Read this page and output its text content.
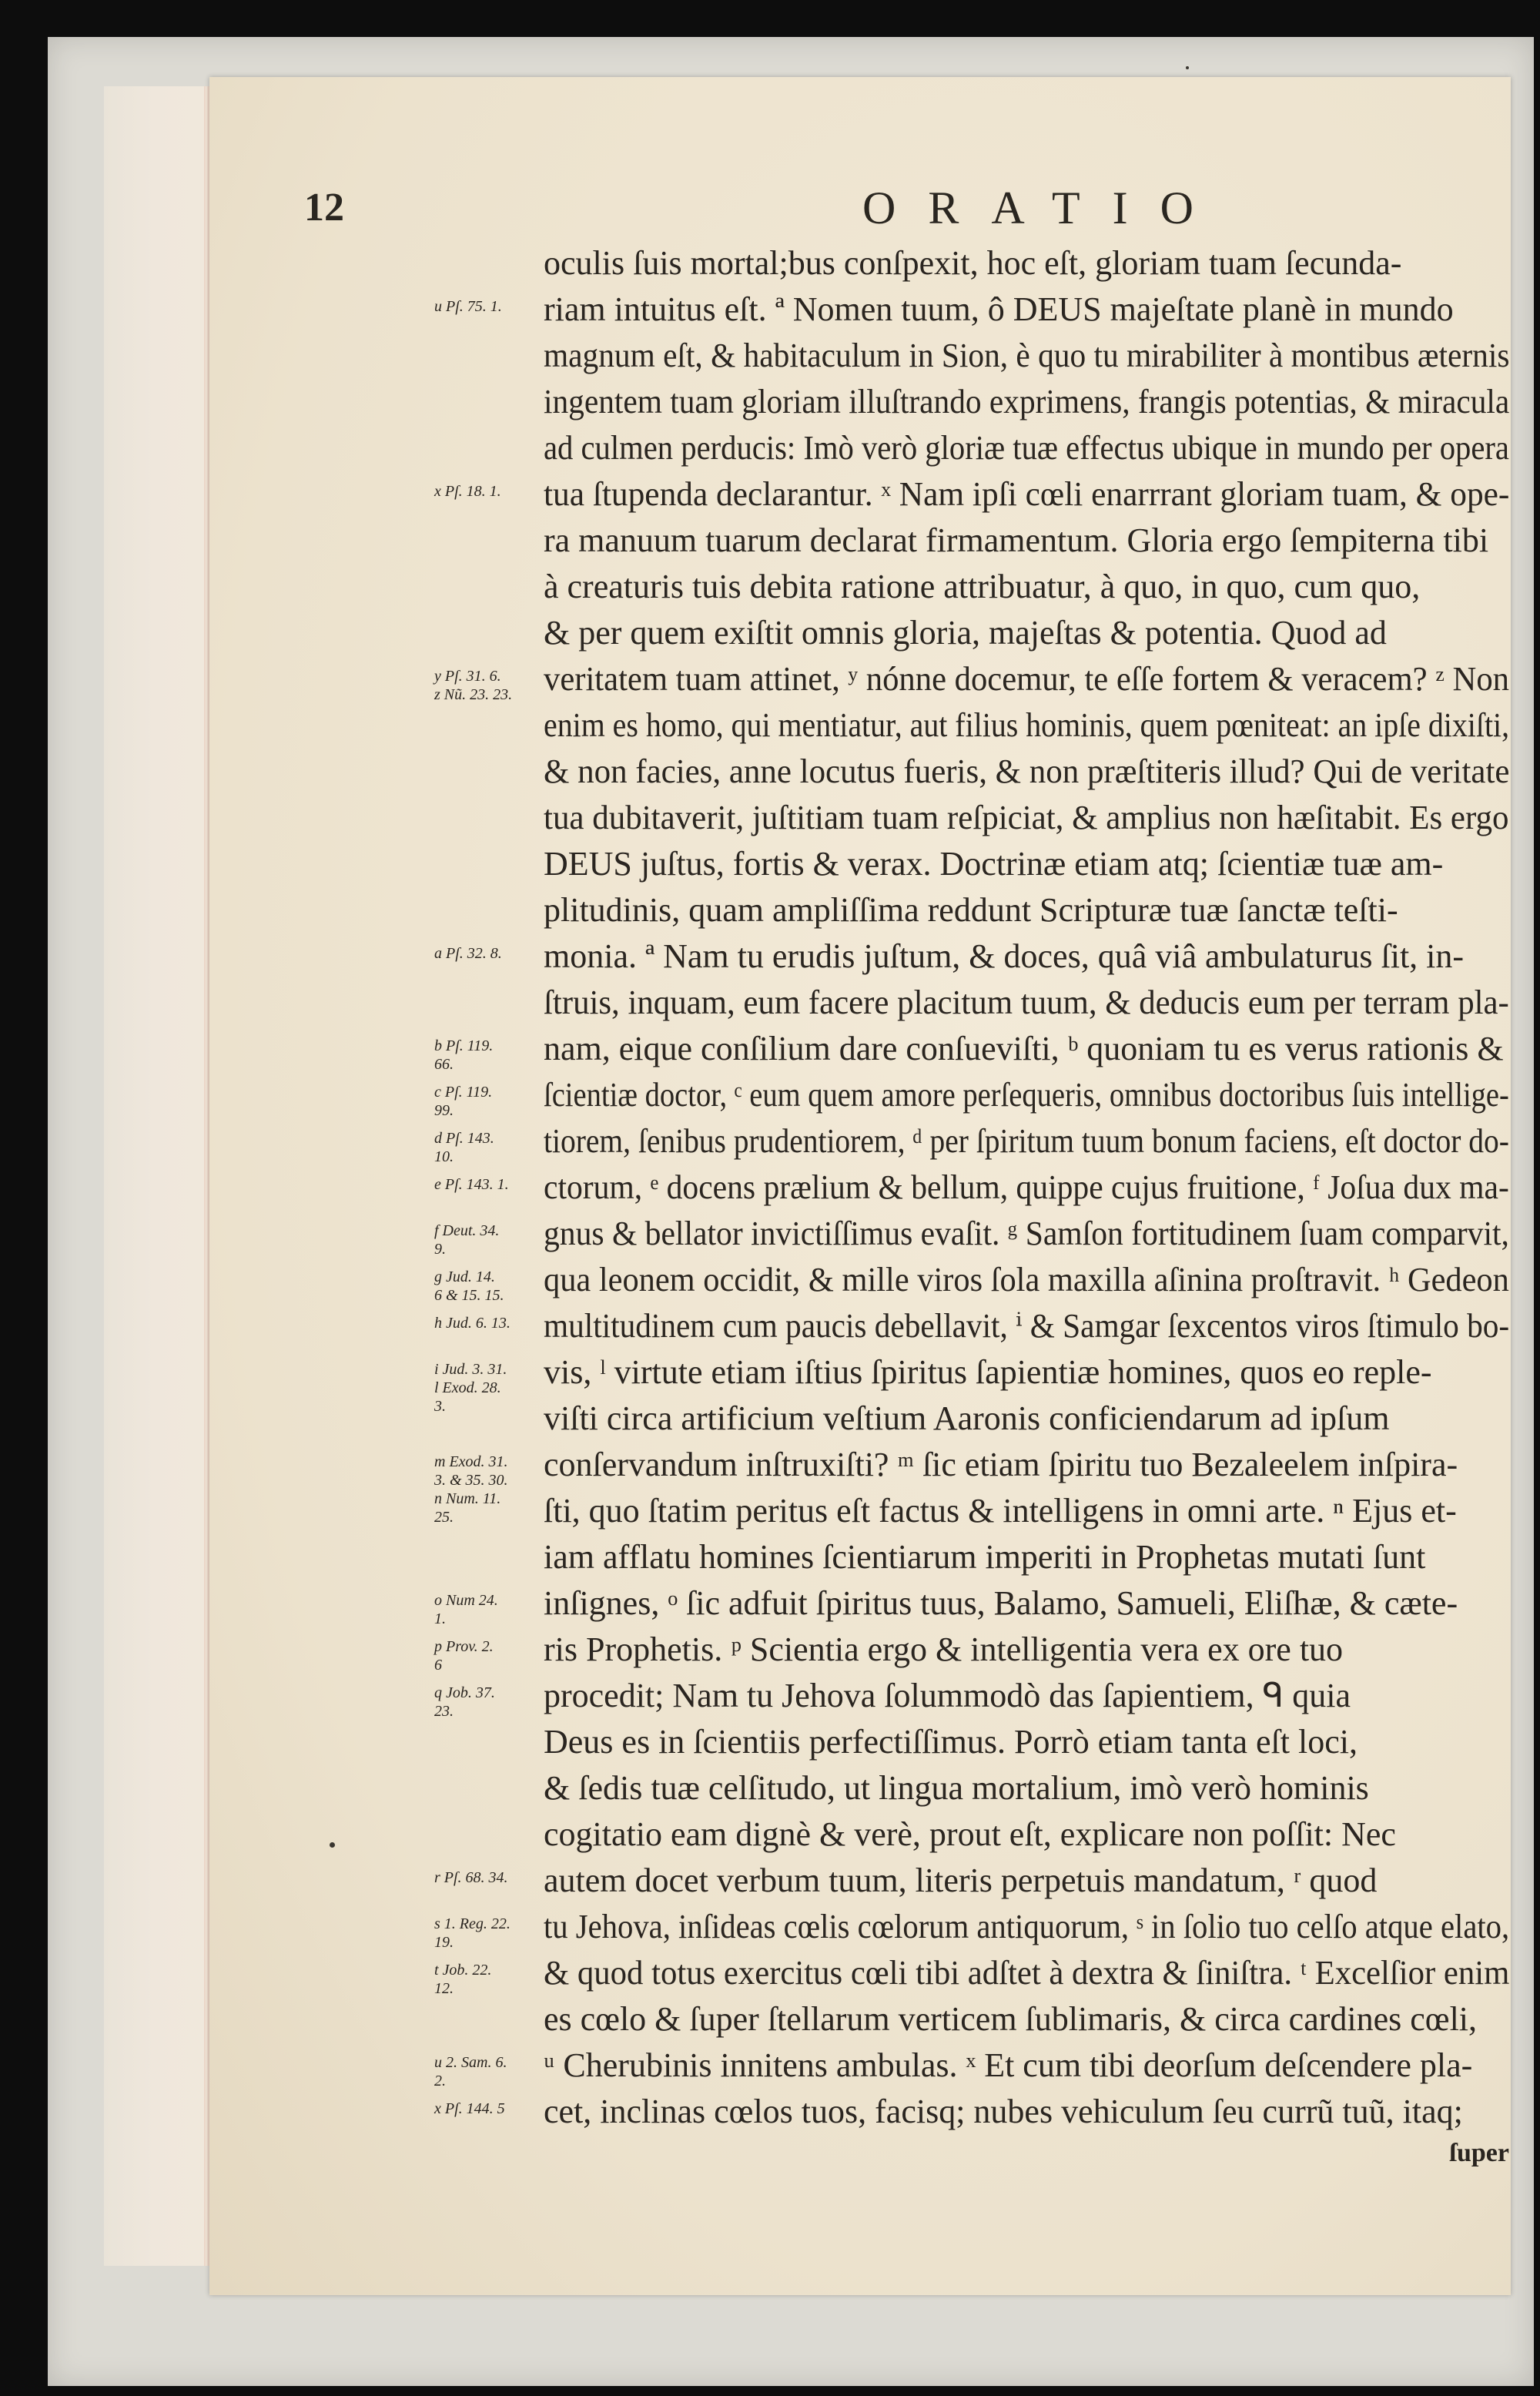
12	ORATIO
oculis ſuis mortal;bus conſpexit, hoc eſt, gloriam tuam ſecunda-
riam intuitus eſt. ª Nomen tuum, ô DEUS majeſtate planè in mundo
magnum eſt, & habitaculum in Sion, è quo tu mirabiliter à montibus æternis
ingentem tuam gloriam illuſtrando exprimens, frangis potentias, & miracula
ad culmen perducis: Imò verò gloriæ tuæ effectus ubique in mundo per opera
tua ſtupenda declarantur. ˣ Nam ipſi cœli enarrrant gloriam tuam, & ope-
ra manuum tuarum declarat firmamentum. Gloria ergo ſempiterna tibi
à creaturis tuis debita ratione attribuatur, à quo, in quo, cum quo,
& per quem exiſtit omnis gloria, majeſtas & potentia. Quod ad
veritatem tuam attinet, ʸ nónne docemur, te eſſe fortem & veracem? ᶻ Non
enim es homo, qui mentiatur, aut filius hominis, quem pœniteat: an ipſe dixiſti,
& non facies, anne locutus fueris, & non præſtiteris illud? Qui de veritate
tua dubitaverit, juſtitiam tuam reſpiciat, & amplius non hæſitabit. Es ergo
DEUS juſtus, fortis & verax. Doctrinæ etiam atq; ſcientiæ tuæ am-
plitudinis, quam ampliſſima reddunt Scripturæ tuæ ſanctæ teſti-
monia. ª Nam tu erudis juſtum, & doces, quâ viâ ambulaturus ſit, in-
ſtruis, inquam, eum facere placitum tuum, & deducis eum per terram pla-
nam, eique conſilium dare conſueviſti, ᵇ quoniam tu es verus rationis &
ſcientiæ doctor, ᶜ eum quem amore perſequeris, omnibus doctoribus ſuis intellige-
tiorem, ſenibus prudentiorem, ᵈ per ſpiritum tuum bonum faciens, eſt doctor do-
ctorum, ᵉ docens prælium & bellum, quippe cujus fruitione, ᶠ Joſua dux ma-
gnus & bellator invictiſſimus evaſit. ᵍ Samſon fortitudinem ſuam comparvit,
qua leonem occidit, & mille viros ſola maxilla aſinina proſtravit. ʰ Gedeon
multitudinem cum paucis debellavit, ⁱ & Samgar ſexcentos viros ſtimulo bo-
vis, ˡ virtute etiam iſtius ſpiritus ſapientiæ homines, quos eo reple-
viſti circa artificium veſtium Aaronis conficiendarum ad ipſum
conſervandum inſtruxiſti? ᵐ ſic etiam ſpiritu tuo Bezaleelem inſpira-
ſti, quo ſtatim peritus eſt factus & intelligens in omni arte. ⁿ Ejus et-
iam afflatu homines ſcientiarum imperiti in Prophetas mutati ſunt
inſignes, ᵒ ſic adfuit ſpiritus tuus, Balamo, Samueli, Eliſhæ, & cæte-
ris Prophetis. ᵖ Scientia ergo & intelligentia vera ex ore tuo
procedit; Nam tu Jehova ſolummodò das ſapientiem, ᑫ quia
Deus es in ſcientiis perfectiſſimus. Porrò etiam tanta eſt loci,
& ſedis tuæ celſitudo, ut lingua mortalium, imò verò hominis
cogitatio eam dignè & verè, prout eſt, explicare non poſſit: Nec
autem docet verbum tuum, literis perpetuis mandatum, ʳ quod
tu Jehova, inſideas cœlis cœlorum antiquorum, ˢ in ſolio tuo celſo atque elato,
& quod totus exercitus cœli tibi adſtet à dextra & ſiniſtra. ᵗ Excelſior enim
es cœlo & ſuper ſtellarum verticem ſublimaris, & circa cardines cœli,
ᵘ Cherubinis innitens ambulas. ˣ Et cum tibi deorſum deſcendere pla-
cet, inclinas cœlos tuos, facisq; nubes vehiculum ſeu currũ tuũ, itaq;
ſuper
u Pſ. 75. 1.
x Pſ. 18. 1.
y Pſ. 31. 6.
z Nũ. 23. 23.
a Pſ. 32. 8.
b Pſ. 119.
66.
c Pſ. 119.
99.
d Pſ. 143.
10.
e Pſ. 143. 1.
f Deut. 34.
9.
g Jud. 14.
6 & 15. 15.
h Jud. 6. 13.
i Jud. 3. 31.
l Exod. 28.
3.
m Exod. 31.
3. & 35. 30.
n Num. 11.
25.
o Num 24.
1.
p Prov. 2.
6
q Job. 37.
23.
r Pſ. 68. 34.
s 1. Reg. 22.
19.
t Job. 22.
12.
u 2. Sam. 6.
2.
x Pſ. 144. 5
